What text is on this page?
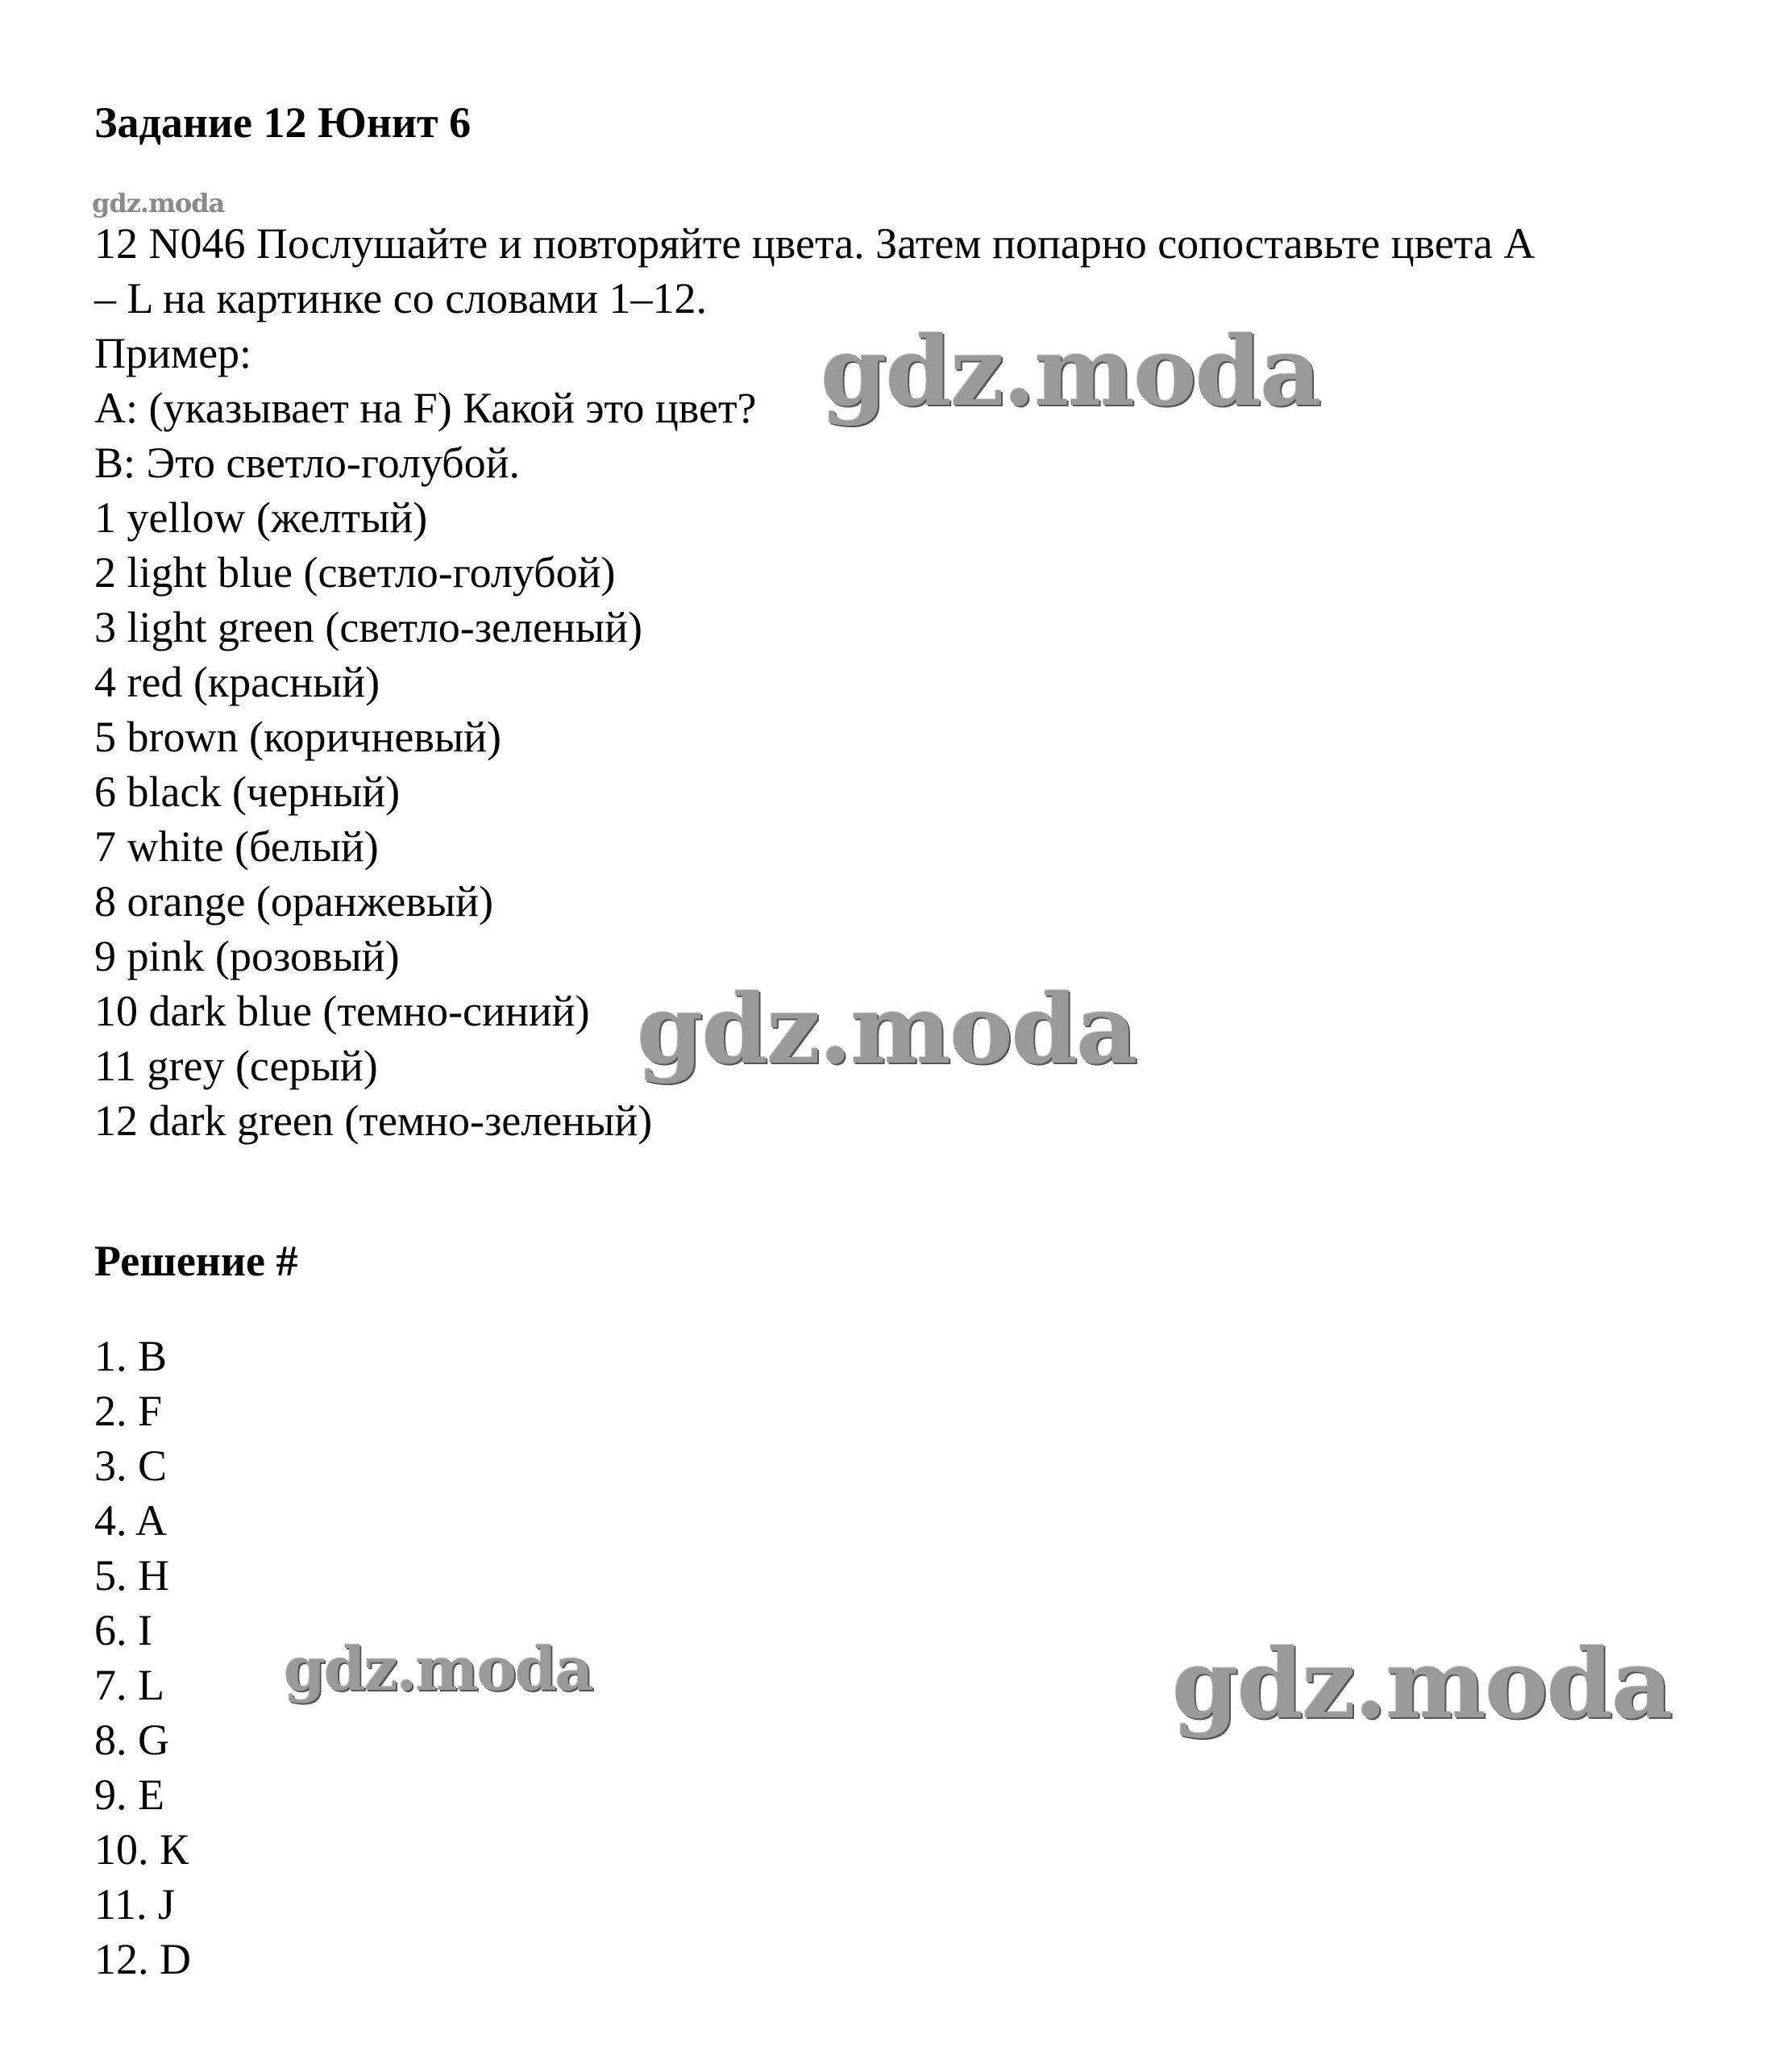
Задание 12 Юнит 6
gdz.moda
12 N046 Послушайте и повторяйте цвета. Затем попарно сопоставьте цвета A
– L на картинке со словами 1–12.
Пример:
A: (указывает на F) Какой это цвет?
B: Это светло-голубой.
1 yellow (желтый)
2 light blue (светло-голубой)
3 light green (светло-зеленый)
4 red (красный)
5 brown (коричневый)
6 black (черный)
7 white (белый)
8 orange (оранжевый)
9 pink (розовый)
10 dark blue (темно-синий)
11 grey (серый)
12 dark green (темно-зеленый)
Решение #
1. B
2. F
3. C
4. A
5. H
6. I
7. L
8. G
9. E
10. К
11. J
12. D
gdz.moda
gdz.moda
gdz.moda	gdz.moda
